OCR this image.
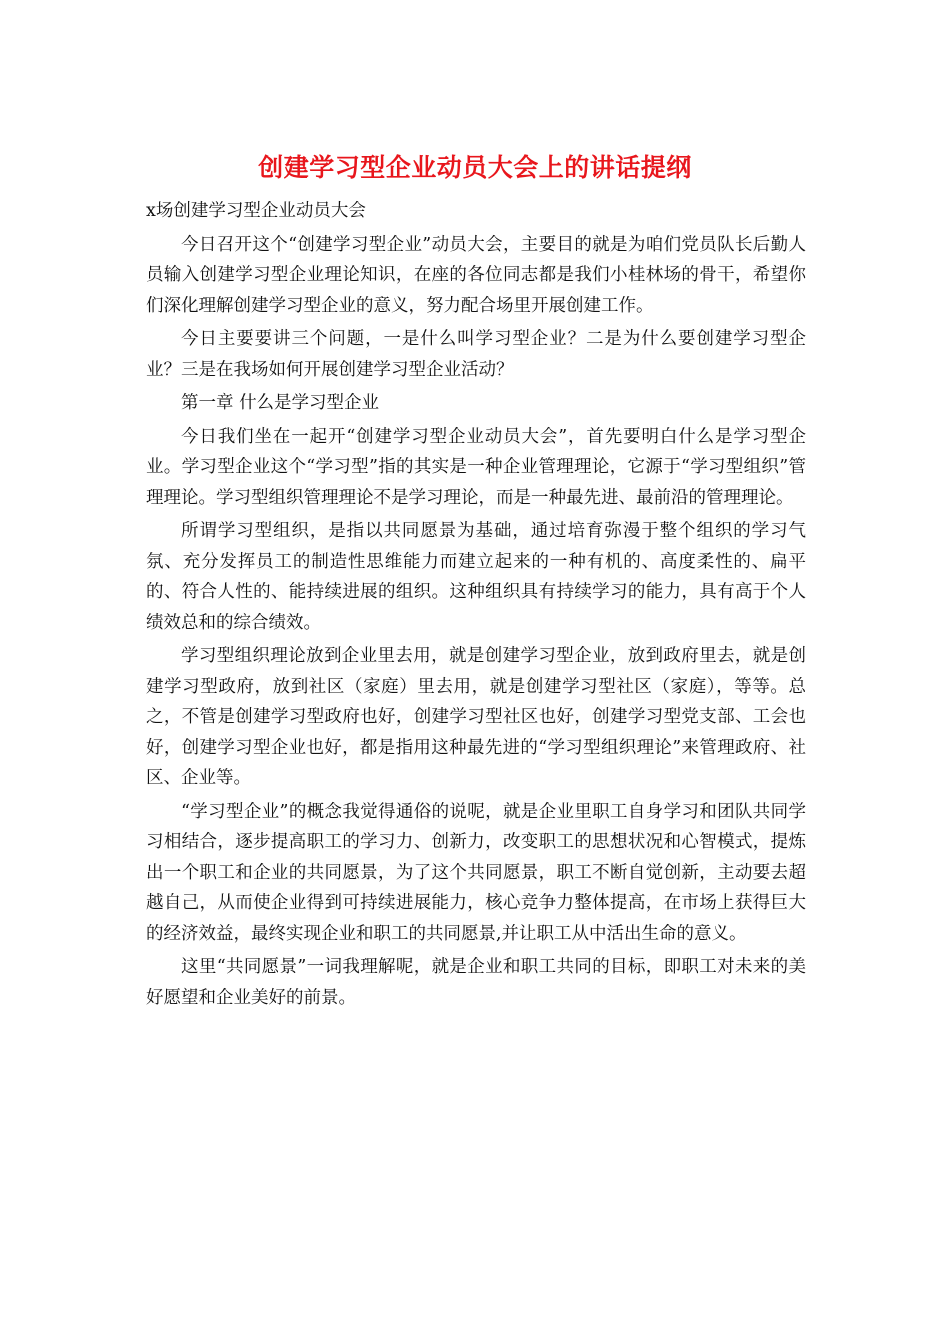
创建学习型企业动员大会上的讲话提纲

x场创建学习型企业动员大会

今日召开这个“创建学习型企业”动员大会，主要目的就是为咱们党员队长后勤人员输入创建学习型企业理论知识，在座的各位同志都是我们小桂林场的骨干，希望你们深化理解创建学习型企业的意义，努力配合场里开展创建工作。

今日主要要讲三个问题，一是什么叫学习型企业？二是为什么要创建学习型企业？三是在我场如何开展创建学习型企业活动？

第一章 什么是学习型企业

今日我们坐在一起开“创建学习型企业动员大会”，首先要明白什么是学习型企业。学习型企业这个“学习型”指的其实是一种企业管理理论，它源于“学习型组织”管理理论。学习型组织管理理论不是学习理论，而是一种最先进、最前沿的管理理论。

所谓学习型组织，是指以共同愿景为基础，通过培育弥漫于整个组织的学习气氛、充分发挥员工的制造性思维能力而建立起来的一种有机的、高度柔性的、扁平的、符合人性的、能持续进展的组织。这种组织具有持续学习的能力，具有高于个人绩效总和的综合绩效。

学习型组织理论放到企业里去用，就是创建学习型企业，放到政府里去，就是创建学习型政府，放到社区（家庭）里去用，就是创建学习型社区（家庭），等等。总之，不管是创建学习型政府也好，创建学习型社区也好，创建学习型党支部、工会也好，创建学习型企业也好，都是指用这种最先进的“学习型组织理论”来管理政府、社区、企业等。

“学习型企业”的概念我觉得通俗的说呢，就是企业里职工自身学习和团队共同学习相结合，逐步提高职工的学习力、创新力，改变职工的思想状况和心智模式，提炼出一个职工和企业的共同愿景，为了这个共同愿景，职工不断自觉创新，主动要去超越自己，从而使企业得到可持续进展能力，核心竞争力整体提高，在市场上获得巨大的经济效益，最终实现企业和职工的共同愿景,并让职工从中活出生命的意义。

这里“共同愿景”一词我理解呢，就是企业和职工共同的目标，即职工对未来的美好愿望和企业美好的前景。
